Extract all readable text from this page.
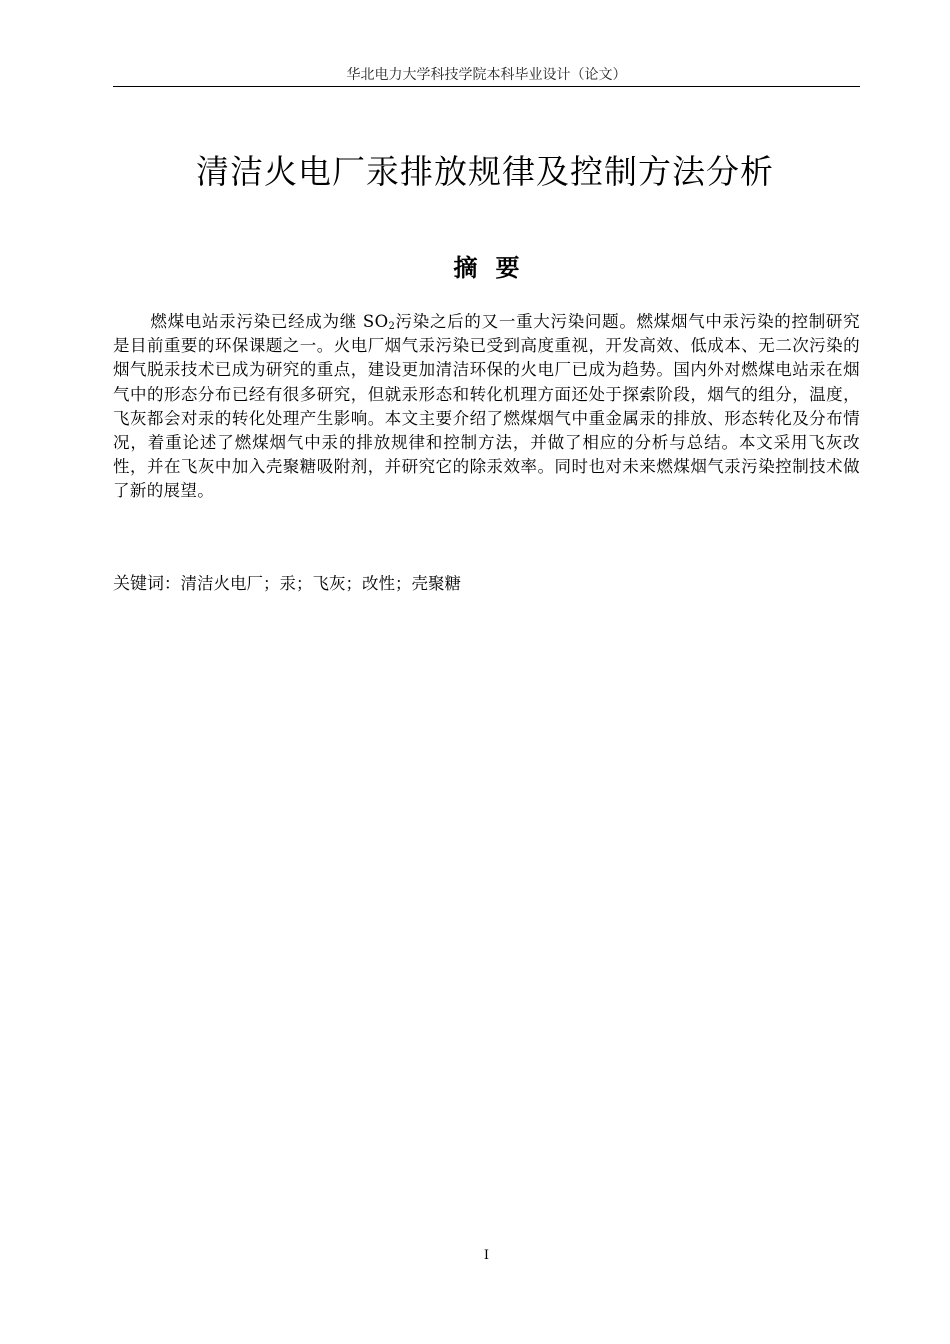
华北电力大学科技学院本科毕业设计（论文）
清洁火电厂汞排放规律及控制方法分析
摘 要

燃煤电站汞污染已经成为继 $SO_2$污染之后的又一重大污染问题。燃煤烟气中汞污染的控制研究是目前重要的环保课题之一。火电厂烟气汞污染已受到高度重视，开发高效、低成本、无二次污染的烟气脱汞技术已成为研究的重点，建设更加清洁环保的火电厂已成为趋势。国内外对燃煤电站汞在烟气中的形态分布已经有很多研究，但就汞形态和转化机理方面还处于探索阶段，烟气的组分，温度，飞灰都会对汞的转化处理产生影响。本文主要介绍了燃煤烟气中重金属汞的排放、形态转化及分布情况，着重论述了燃煤烟气中汞的排放规律和控制方法，并做了相应的分析与总结。本文采用飞灰改性，并在飞灰中加入壳聚糖吸附剂，并研究它的除汞效率。同时也对未来燃煤烟气汞污染控制技术做了新的展望。

关键词：清洁火电厂；汞；飞灰；改性；壳聚糖
I
